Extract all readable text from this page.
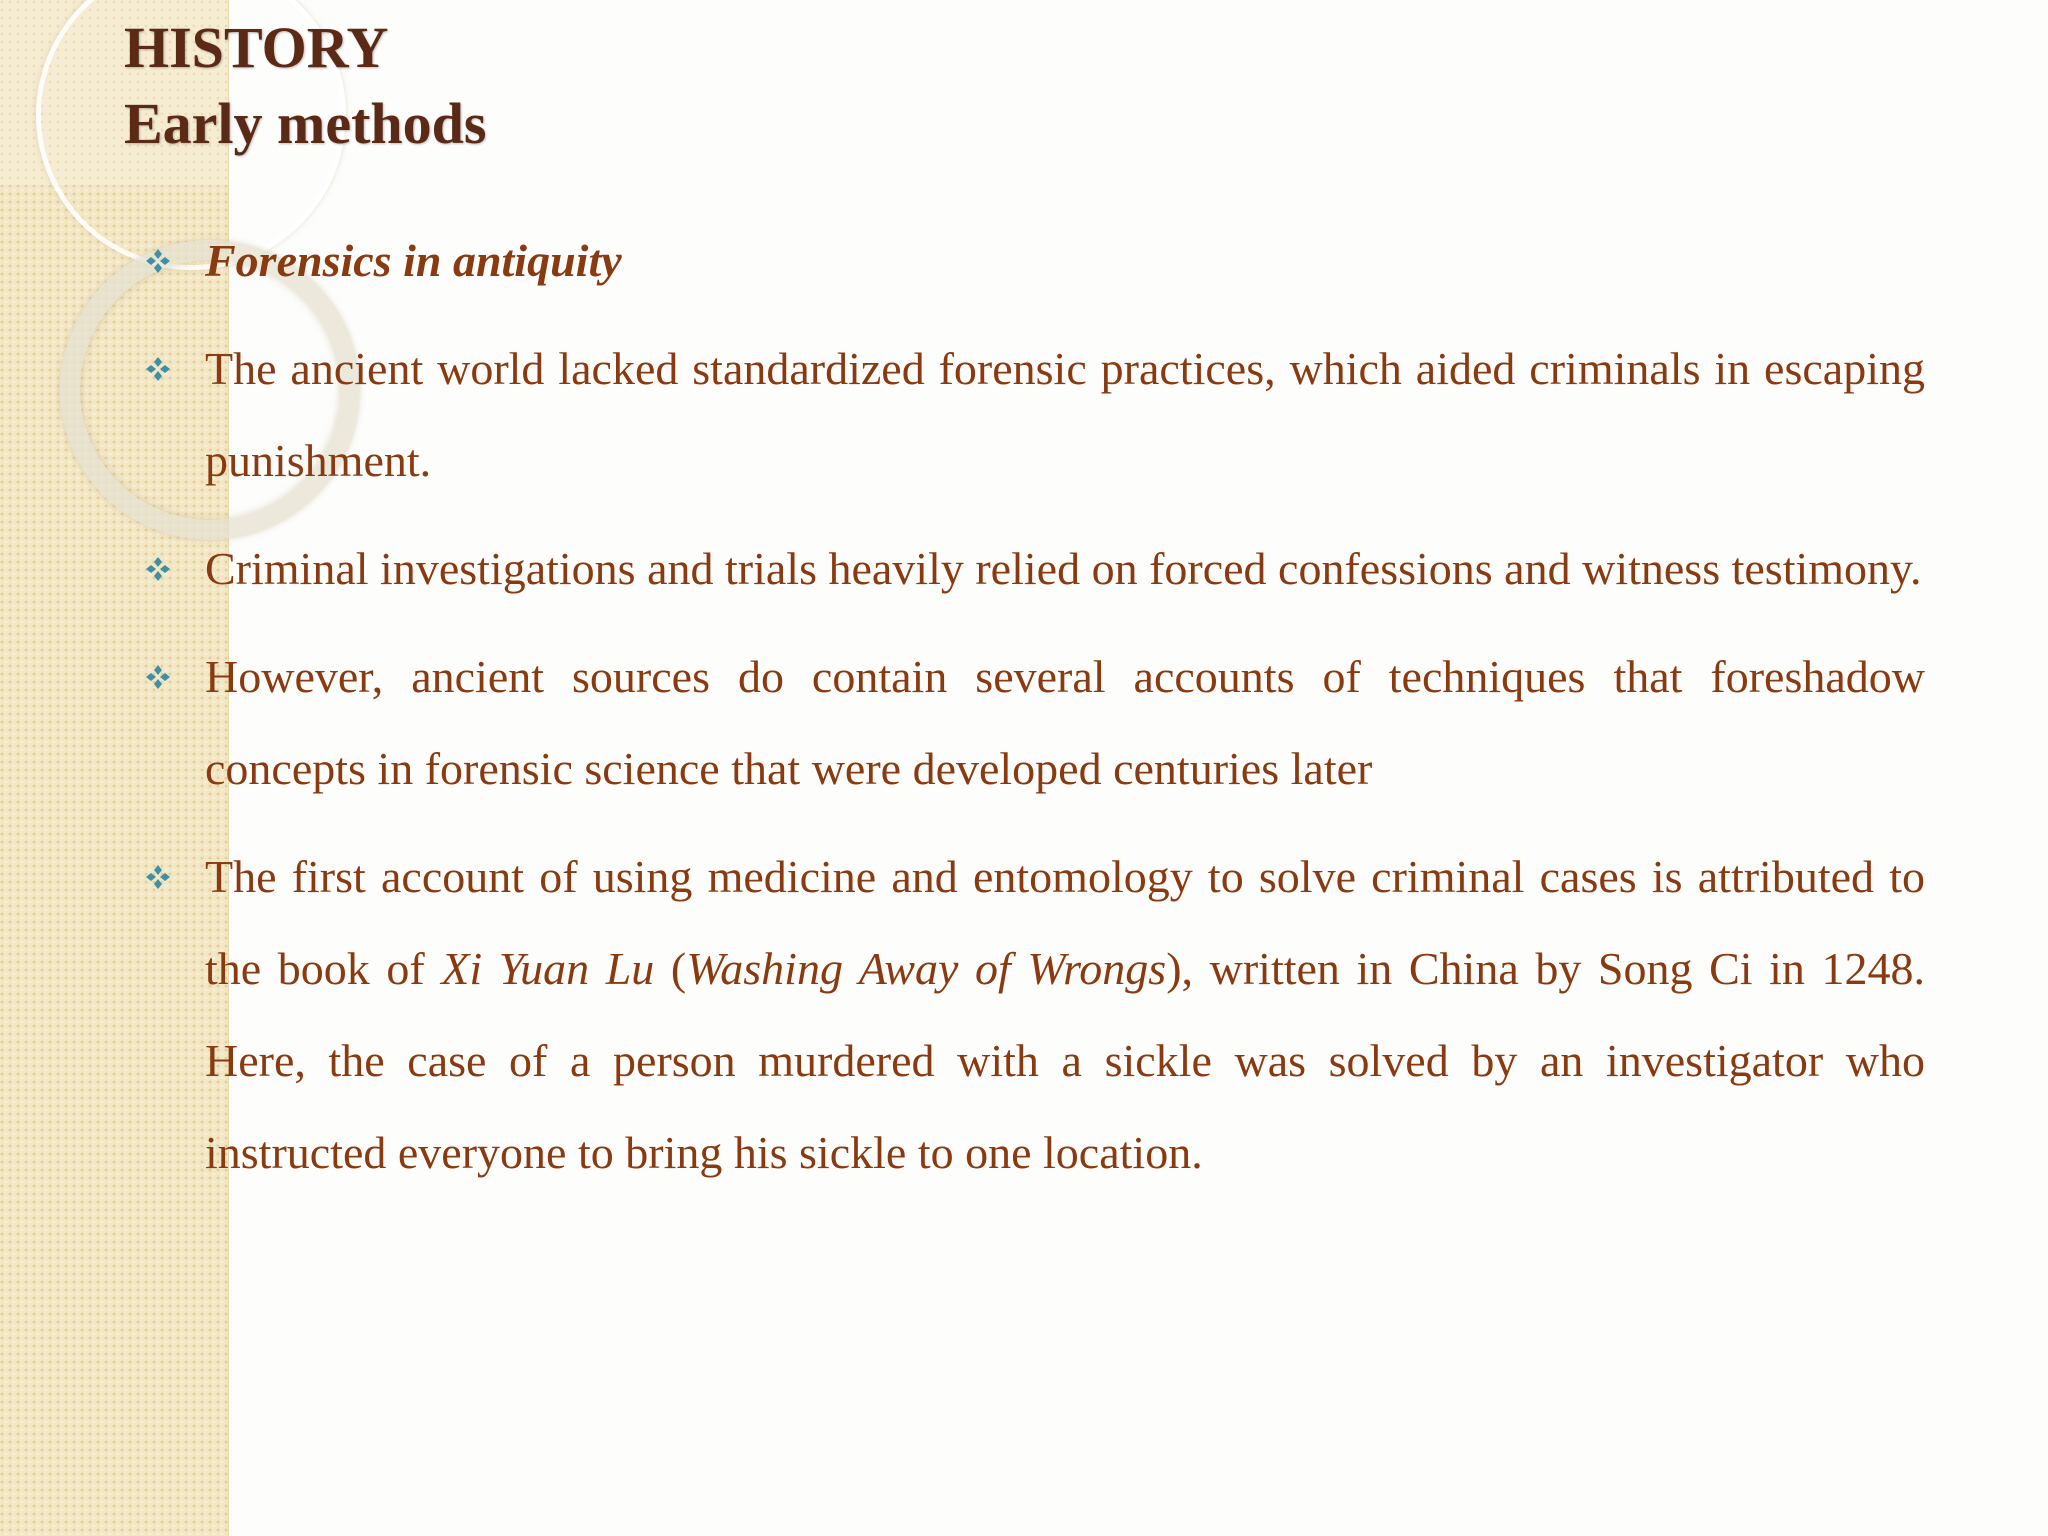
HISTORY
Early methods
Forensics in antiquity
The ancient world lacked standardized forensic practices, which aided criminals in escaping punishment.
Criminal investigations and trials heavily relied on forced confessions and witness testimony.
However, ancient sources do contain several accounts of techniques that foreshadow concepts in forensic science that were developed centuries later
The first account of using medicine and entomology to solve criminal cases is attributed to the book of Xi Yuan Lu (Washing Away of Wrongs), written in China by Song Ci in 1248. Here, the case of a person murdered with a sickle was solved by an investigator who instructed everyone to bring his sickle to one location.
